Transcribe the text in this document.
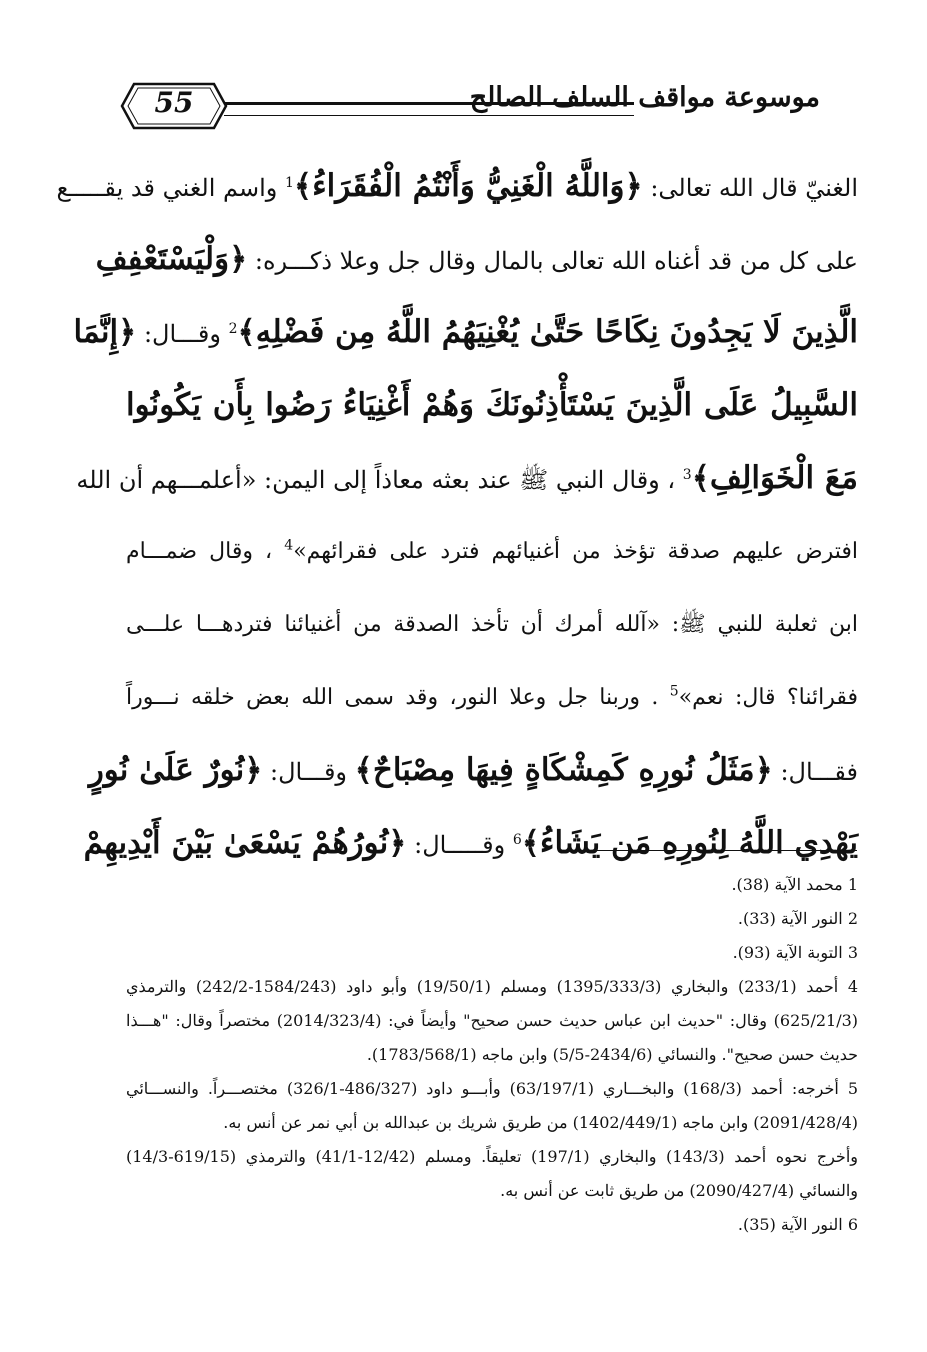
55	موسوعة مواقف السلف الصالح
الغنيّ قال الله تعالى: ﴿وَاللَّهُ الْغَنِيُّ وَأَنْتُمُ الْفُقَرَاءُ﴾$^1$ واسم الغني قد يقـــــع
على كل من قد أغناه الله تعالى بالمال وقال جل وعلا ذكـــره: ﴿وَلْيَسْتَعْفِفِ
الَّذِينَ لَا يَجِدُونَ نِكَاحًا حَتَّىٰ يُغْنِيَهُمُ اللَّهُ مِن فَضْلِهِ﴾$^2$ وقـــال: ﴿إِنَّمَا
السَّبِيلُ عَلَى الَّذِينَ يَسْتَأْذِنُونَكَ وَهُمْ أَغْنِيَاءُ رَضُوا بِأَن يَكُونُوا
مَعَ الْخَوَالِفِ﴾$^3$ ، وقال النبي ﷺ عند بعثه معاذاً إلى اليمن: «أعلمـــهم أن الله
افترض عليهم صدقة تؤخذ من أغنيائهم فترد على فقرائهم»$^4$ ، وقال ضمـــام
ابن ثعلبة للنبي ﷺ: «آلله أمرك أن تأخذ الصدقة من أغنيائنا فتردهـــا علـــى
فقرائنا؟ قال: نعم»$^5$ . وربنا جل وعلا النور، وقد سمى الله بعض خلقه نـــوراً
فقـــال: ﴿مَثَلُ نُورِهِ كَمِشْكَاةٍ فِيهَا مِصْبَاحٌ﴾ وقـــال: ﴿نُورٌ عَلَىٰ نُورٍ
يَهْدِي اللَّهُ لِنُورِهِ مَن يَشَاءُ﴾$^6$ وقـــــال: ﴿نُورُهُمْ يَسْعَىٰ بَيْنَ أَيْدِيهِمْ
1 محمد الآية (38).
2 النور الآية (33).
3 التوبة الآية (93).
4 أحمد (233/1) والبخاري (1395/333/3) ومسلم (19/50/1) وأبو داود (1584/243-242/2) والترمذي
(625/21/3) وقال: "حديث ابن عباس حديث حسن صحيح" وأيضاً في: (2014/323/4) مختصراً وقال: "هـــذا
حديث حسن صحيح". والنسائي (2434/6-5/5) وابن ماجه (1783/568/1).
5 أخرجه: أحمد (168/3) والبخـــاري (63/197/1) وأبـــو داود (486/327-326/1) مختصـــراً. والنســـائي
(2091/428/4) وابن ماجه (1402/449/1) من طريق شريك بن عبدالله بن أبي نمر عن أنس به.
وأخرج نحوه أحمد (143/3) والبخاري (197/1) تعليقاً. ومسلم (12/42-41/1) والترمذي (619/15-14/3)
والنسائي (2090/427/4) من طريق ثابت عن أنس به.
6 النور الآية (35).
